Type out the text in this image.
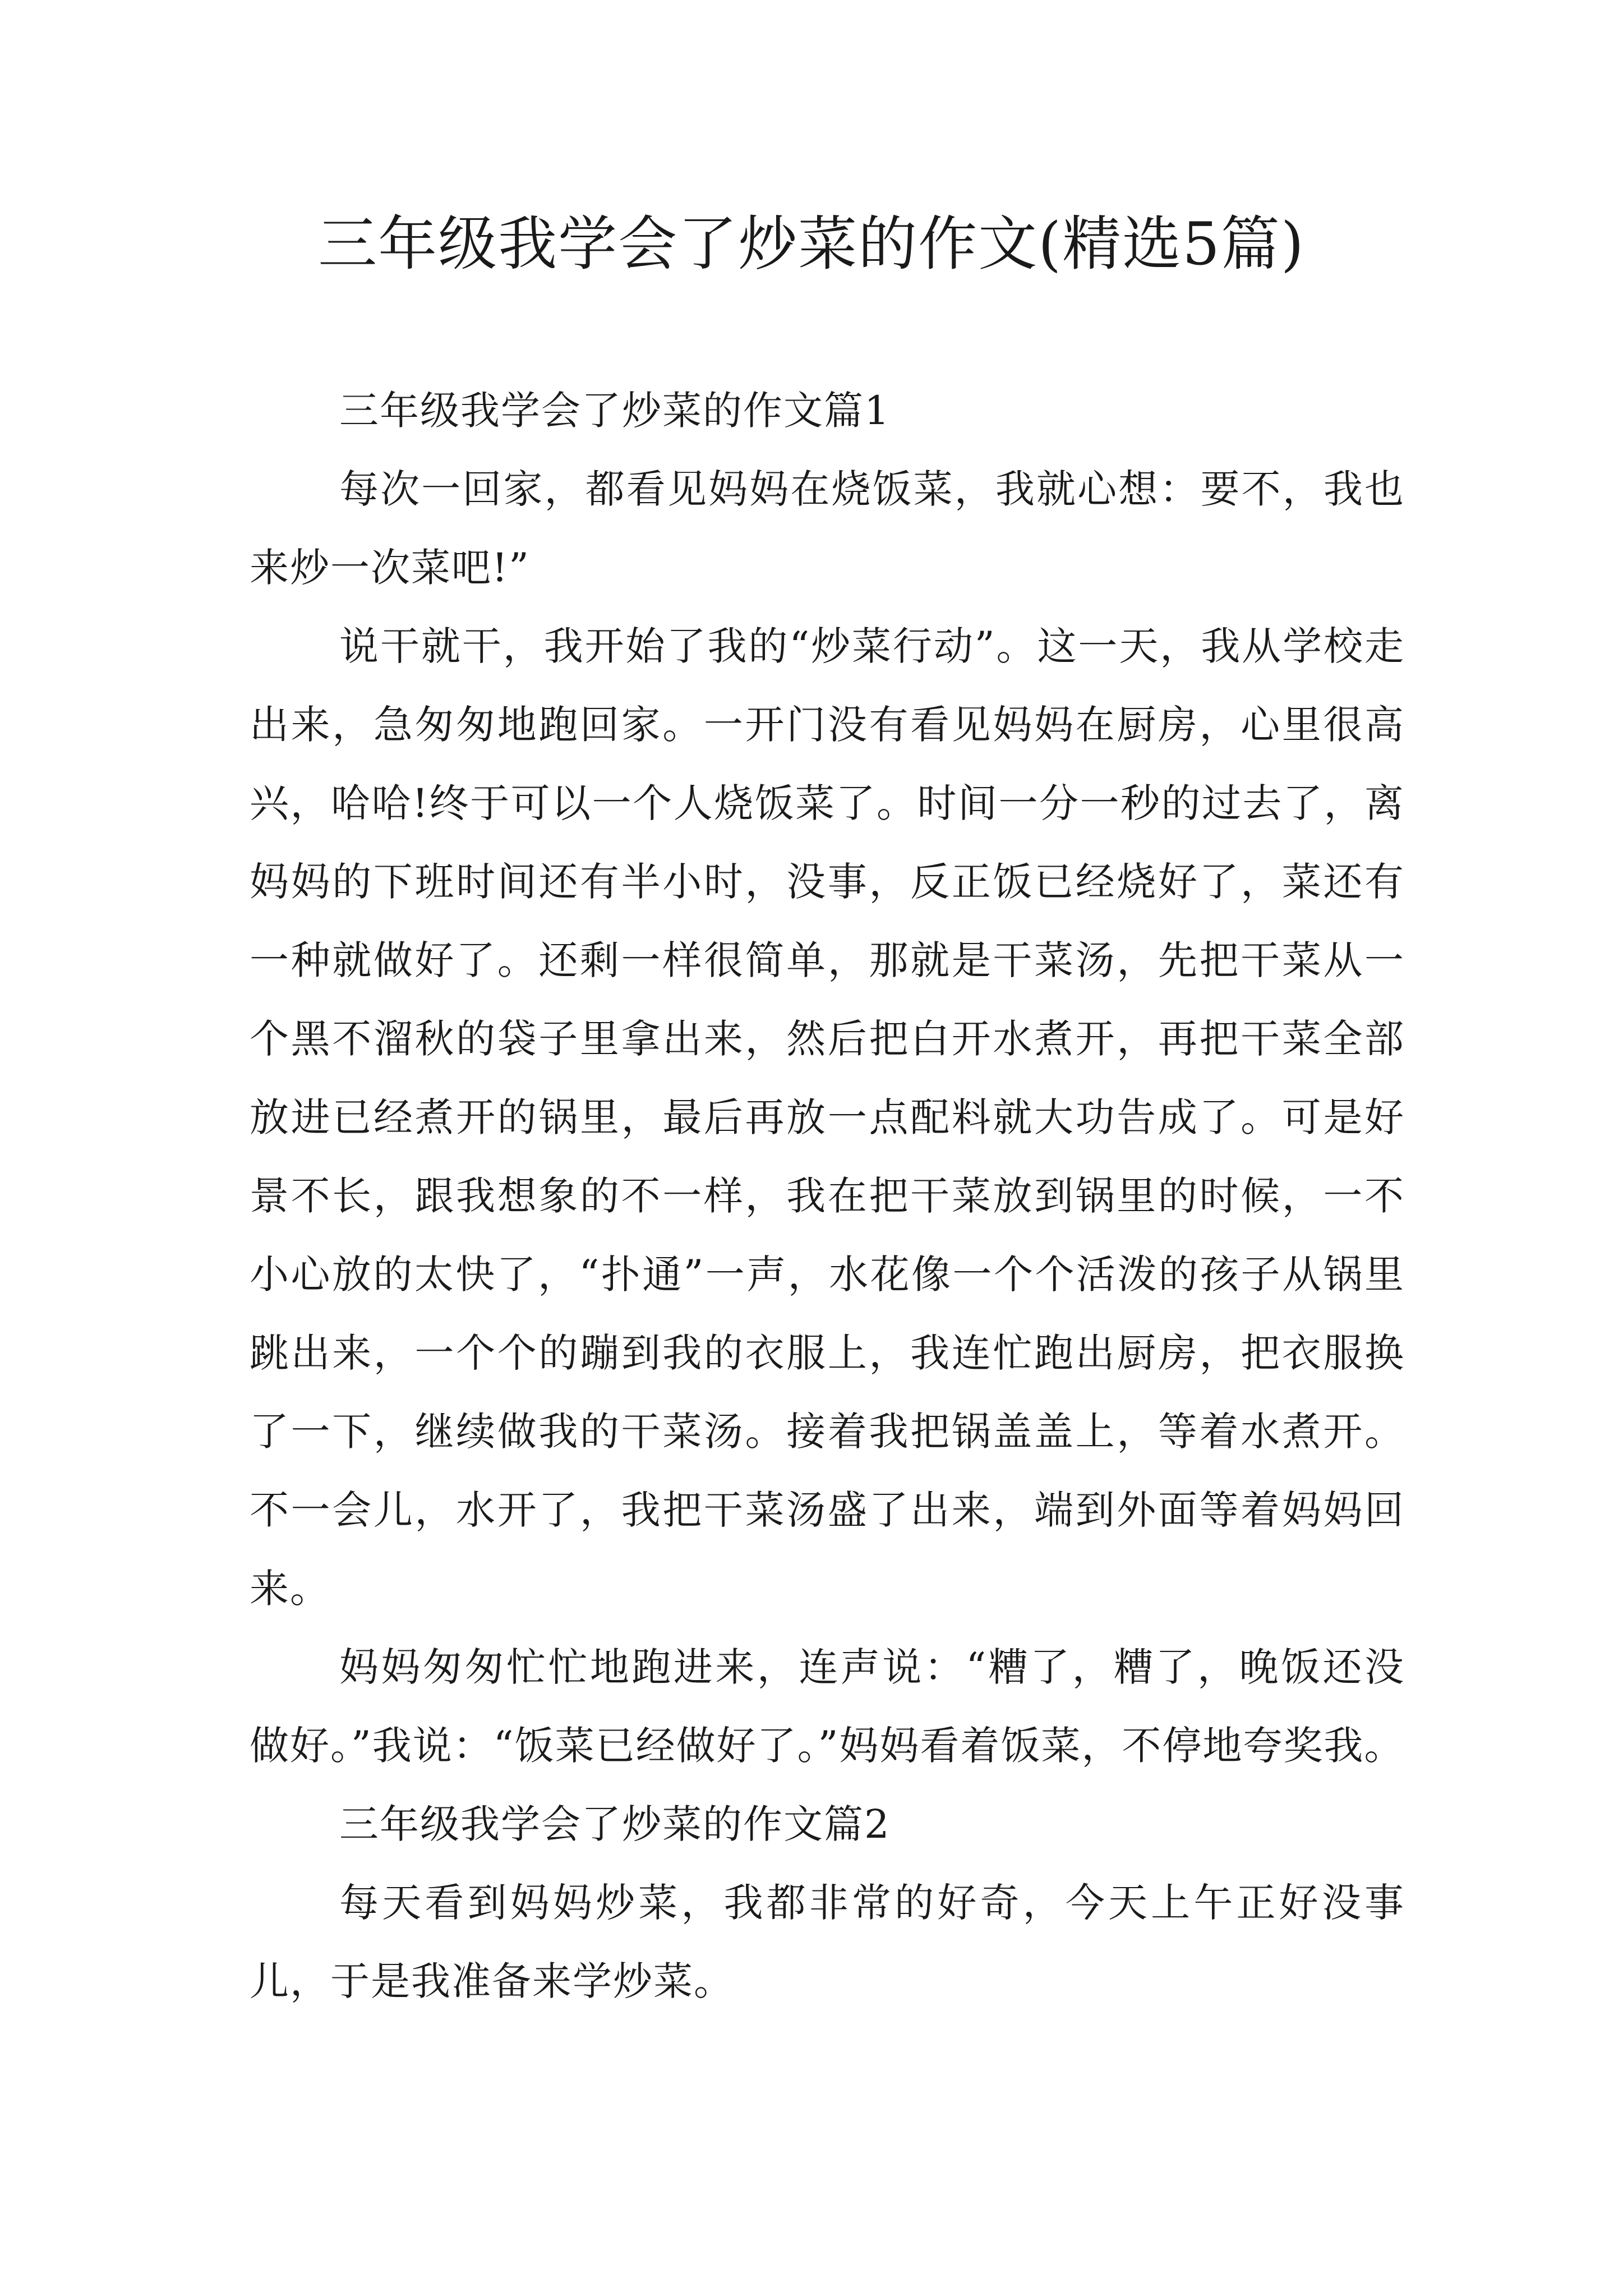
三年级我学会了炒菜的作文(精选5篇)

三年级我学会了炒菜的作文篇1

每次一回家，都看见妈妈在烧饭菜，我就心想：要不，我也来炒一次菜吧!”

说干就干，我开始了我的“炒菜行动”。这一天，我从学校走出来，急匆匆地跑回家。一开门没有看见妈妈在厨房，心里很高兴，哈哈!终于可以一个人烧饭菜了。时间一分一秒的过去了，离妈妈的下班时间还有半小时，没事，反正饭已经烧好了，菜还有一种就做好了。还剩一样很简单，那就是干菜汤，先把干菜从一个黑不溜秋的袋子里拿出来，然后把白开水煮开，再把干菜全部放进已经煮开的锅里，最后再放一点配料就大功告成了。可是好景不长，跟我想象的不一样，我在把干菜放到锅里的时候，一不小心放的太快了，“扑通”一声，水花像一个个活泼的孩子从锅里跳出来，一个个的蹦到我的衣服上，我连忙跑出厨房，把衣服换了一下，继续做我的干菜汤。接着我把锅盖盖上，等着水煮开。不一会儿，水开了，我把干菜汤盛了出来，端到外面等着妈妈回来。

妈妈匆匆忙忙地跑进来，连声说：“糟了，糟了，晚饭还没做好。”我说：“饭菜已经做好了。”妈妈看着饭菜，不停地夸奖我。

三年级我学会了炒菜的作文篇2

每天看到妈妈炒菜，我都非常的好奇，今天上午正好没事儿，于是我准备来学炒菜。
